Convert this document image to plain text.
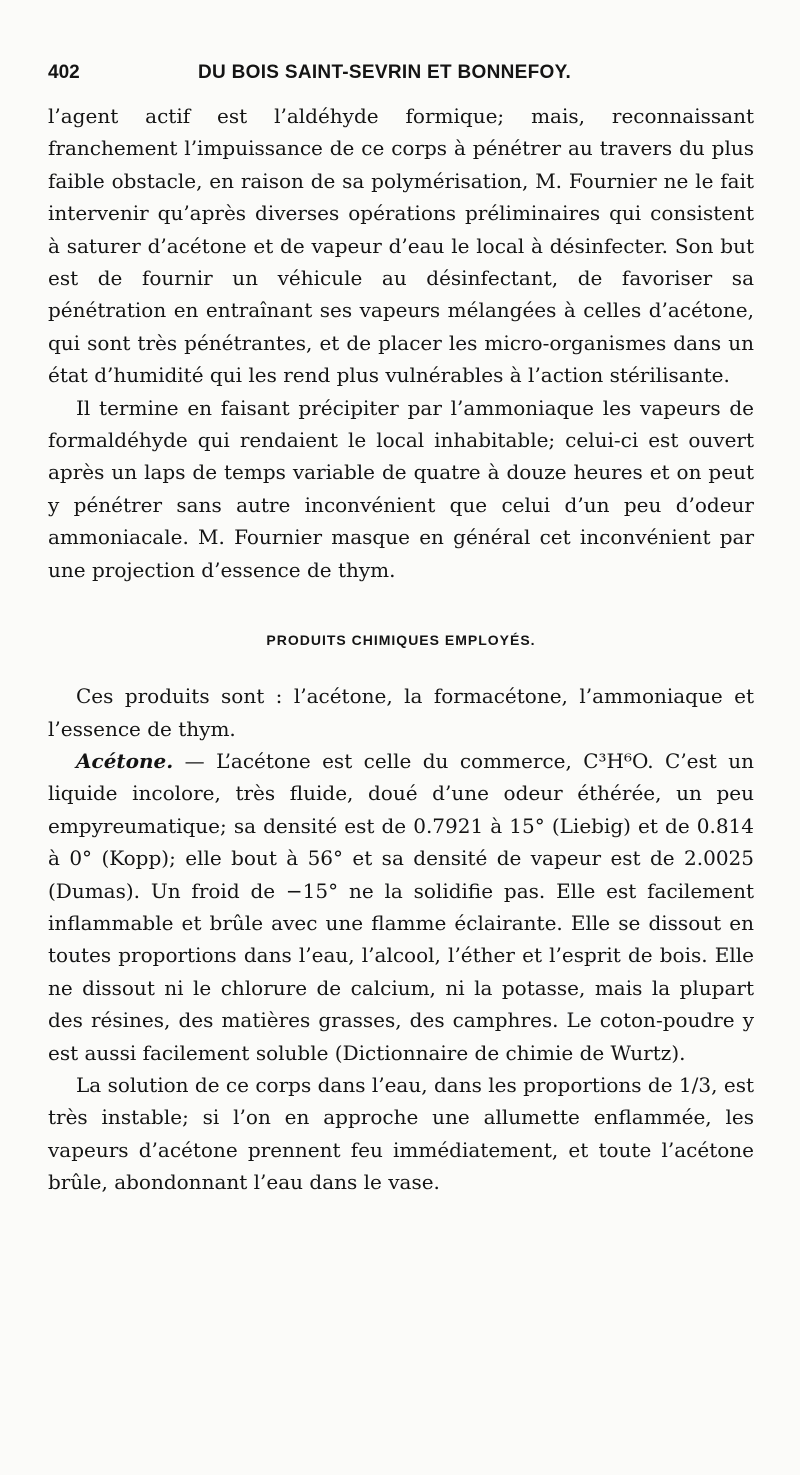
402	DU BOIS SAINT-SEVRIN ET BONNEFOY.

l’agent actif est l’aldéhyde formique; mais, reconnaissant franchement l’impuissance de ce corps à pénétrer au travers du plus faible obstacle, en raison de sa polymérisation, M. Fournier ne le fait intervenir qu’après diverses opérations préliminaires qui consistent à saturer d’acétone et de vapeur d’eau le local à désinfecter. Son but est de fournir un véhicule au désinfectant, de favoriser sa pénétration en entraînant ses vapeurs mélangées à celles d’acétone, qui sont très pénétrantes, et de placer les micro-organismes dans un état d’humidité qui les rend plus vulnérables à l’action stérilisante.

Il termine en faisant précipiter par l’ammoniaque les vapeurs de formaldéhyde qui rendaient le local inhabitable; celui-ci est ouvert après un laps de temps variable de quatre à douze heures et on peut y pénétrer sans autre inconvénient que celui d’un peu d’odeur ammoniacale. M. Fournier masque en général cet inconvénient par une projection d’essence de thym.

PRODUITS CHIMIQUES EMPLOYÉS.

Ces produits sont : l’acétone, la formacétone, l’ammoniaque et l’essence de thym.

Acétone. — L’acétone est celle du commerce, C³H⁶O. C’est un liquide incolore, très fluide, doué d’une odeur éthérée, un peu empyreumatique; sa densité est de 0.7921 à 15° (Liebig) et de 0.814 à 0° (Kopp); elle bout à 56° et sa densité de vapeur est de 2.0025 (Dumas). Un froid de −15° ne la solidifie pas. Elle est facilement inflammable et brûle avec une flamme éclairante. Elle se dissout en toutes proportions dans l’eau, l’alcool, l’éther et l’esprit de bois. Elle ne dissout ni le chlorure de calcium, ni la potasse, mais la plupart des résines, des matières grasses, des camphres. Le coton-poudre y est aussi facilement soluble (Dictionnaire de chimie de Wurtz).

La solution de ce corps dans l’eau, dans les proportions de 1/3, est très instable; si l’on en approche une allumette enflammée, les vapeurs d’acétone prennent feu immédiatement, et toute l’acétone brûle, abondonnant l’eau dans le vase.
